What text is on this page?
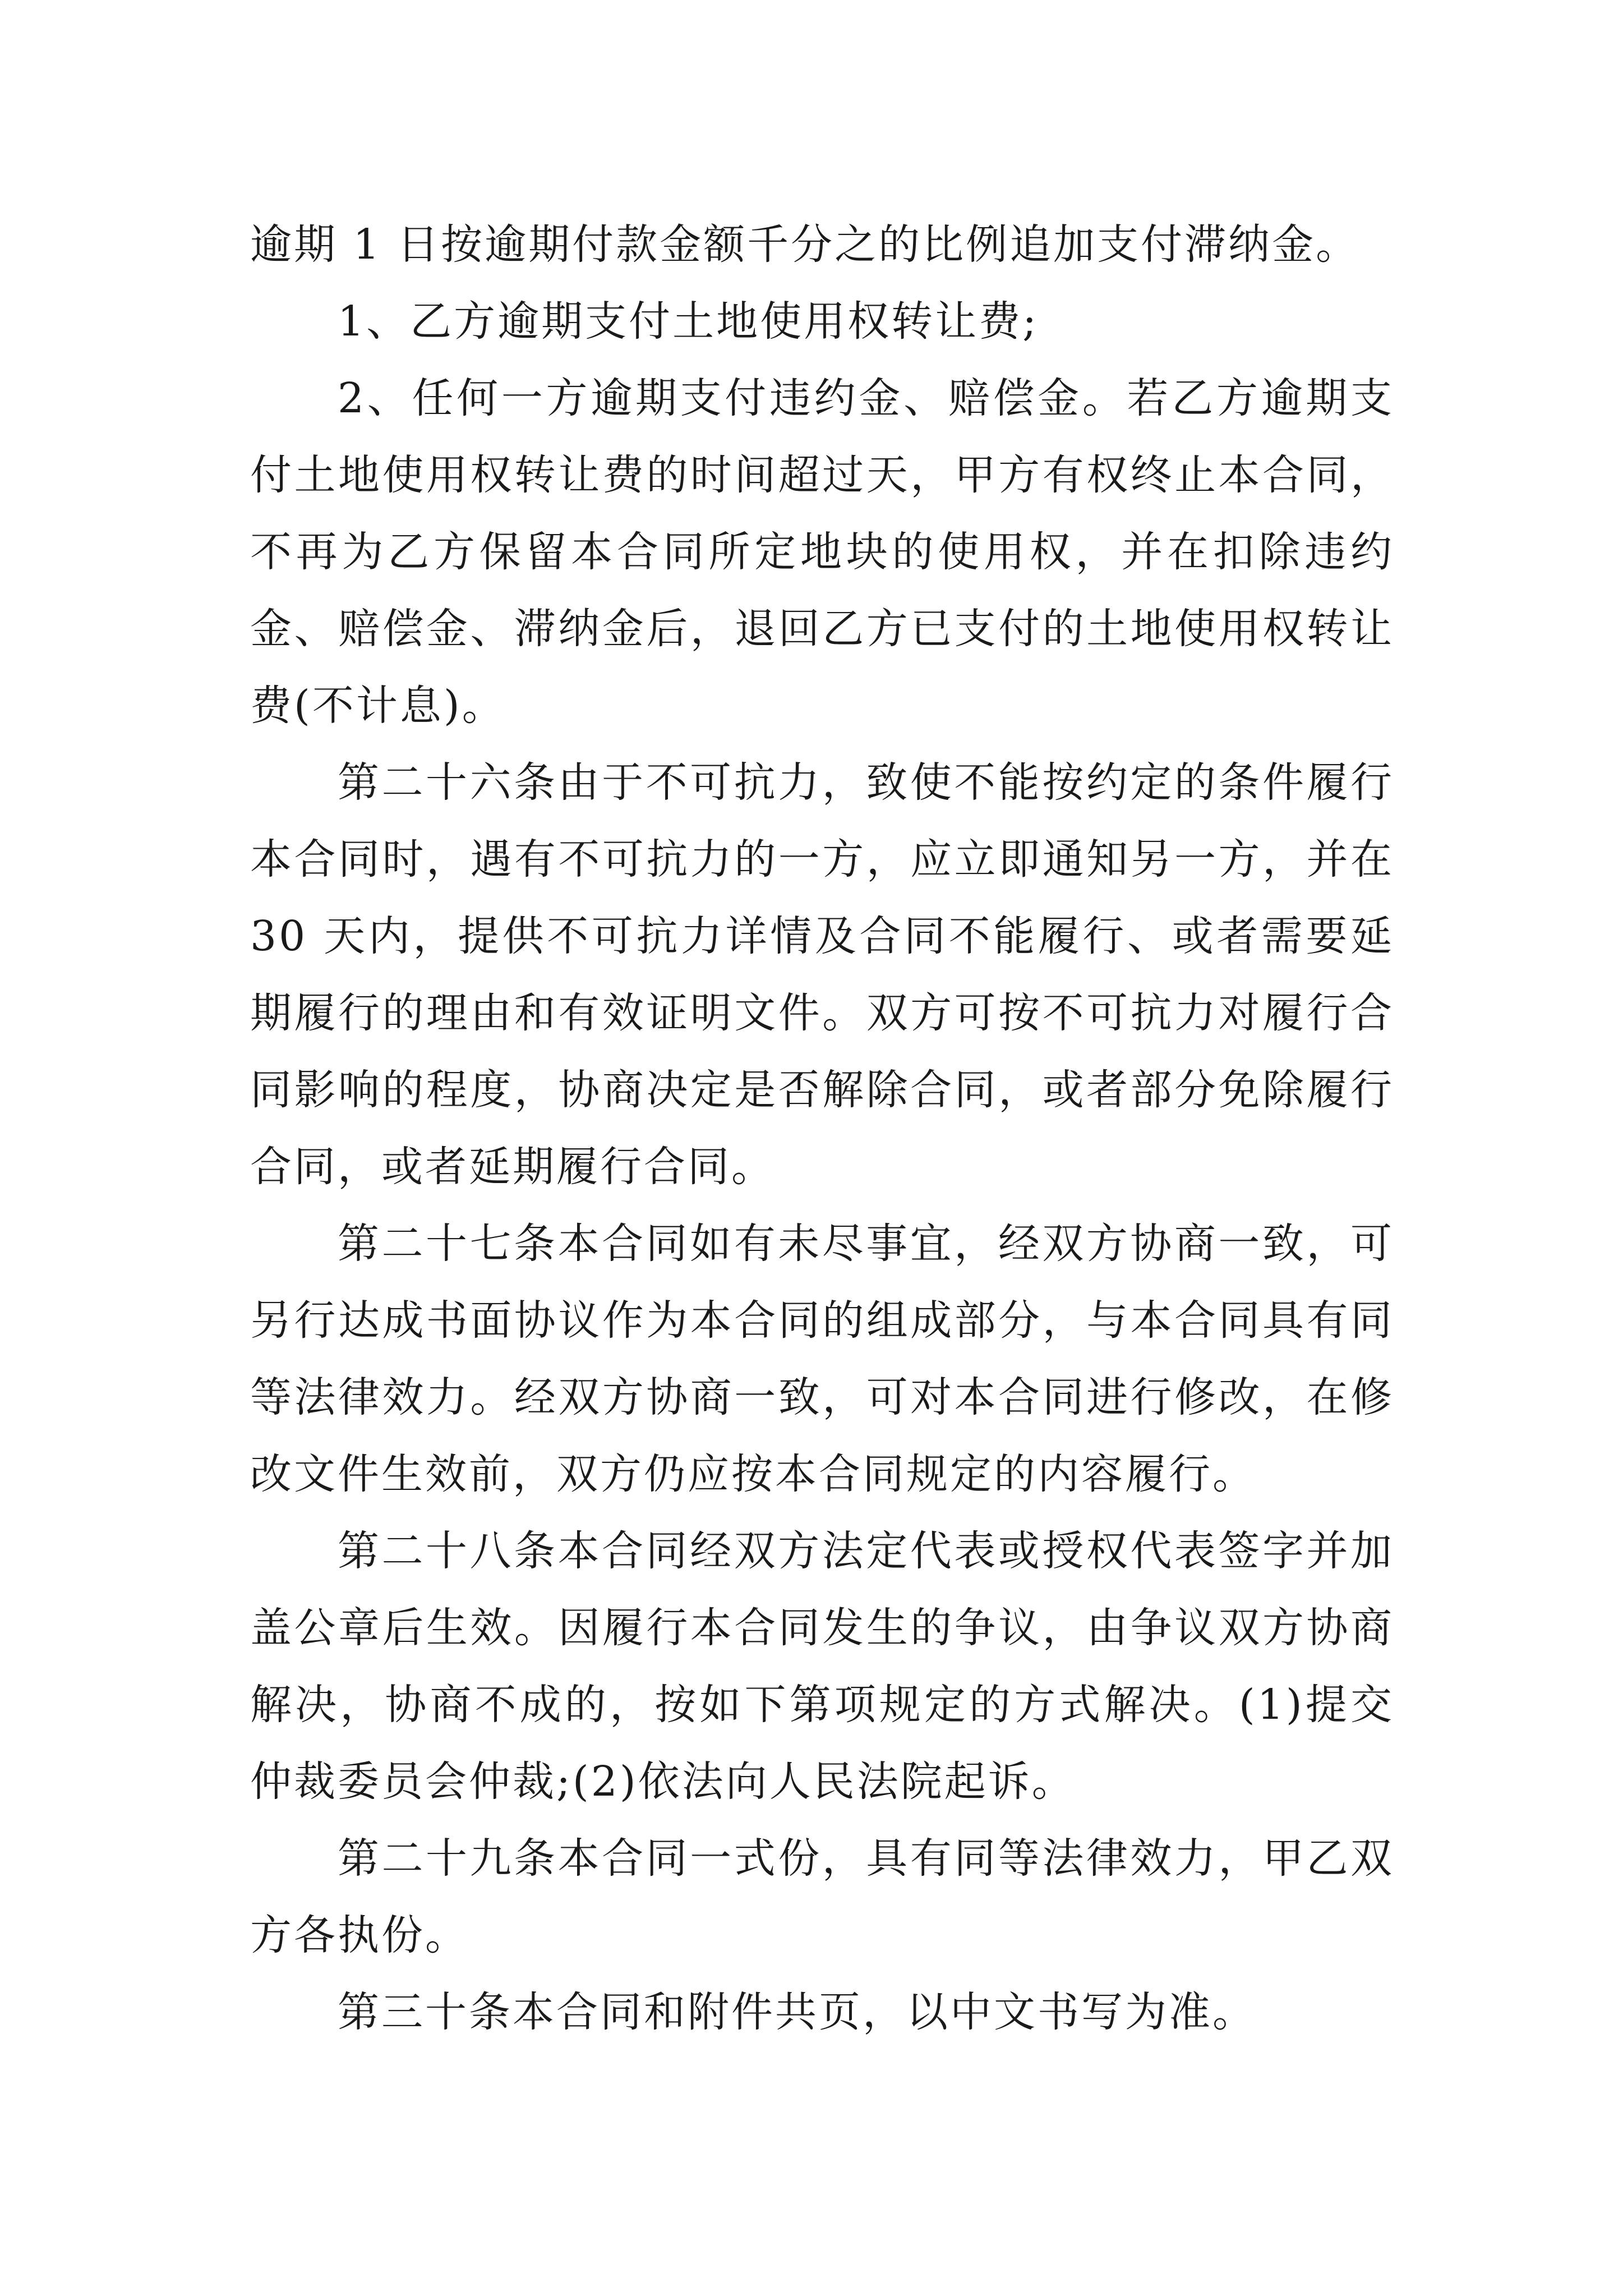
逾期 1 日按逾期付款金额千分之的比例追加支付滞纳金。

1、乙方逾期支付土地使用权转让费;

2、任何一方逾期支付违约金、赔偿金。若乙方逾期支付土地使用权转让费的时间超过天，甲方有权终止本合同，不再为乙方保留本合同所定地块的使用权，并在扣除违约金、赔偿金、滞纳金后，退回乙方已支付的土地使用权转让费(不计息)。

第二十六条由于不可抗力，致使不能按约定的条件履行本合同时，遇有不可抗力的一方，应立即通知另一方，并在30 天内，提供不可抗力详情及合同不能履行、或者需要延期履行的理由和有效证明文件。双方可按不可抗力对履行合同影响的程度，协商决定是否解除合同，或者部分免除履行合同，或者延期履行合同。

第二十七条本合同如有未尽事宜，经双方协商一致，可另行达成书面协议作为本合同的组成部分，与本合同具有同等法律效力。经双方协商一致，可对本合同进行修改，在修改文件生效前，双方仍应按本合同规定的内容履行。

第二十八条本合同经双方法定代表或授权代表签字并加盖公章后生效。因履行本合同发生的争议，由争议双方协商解决，协商不成的，按如下第项规定的方式解决。(1)提交仲裁委员会仲裁;(2)依法向人民法院起诉。

第二十九条本合同一式份，具有同等法律效力，甲乙双方各执份。

第三十条本合同和附件共页，以中文书写为准。
